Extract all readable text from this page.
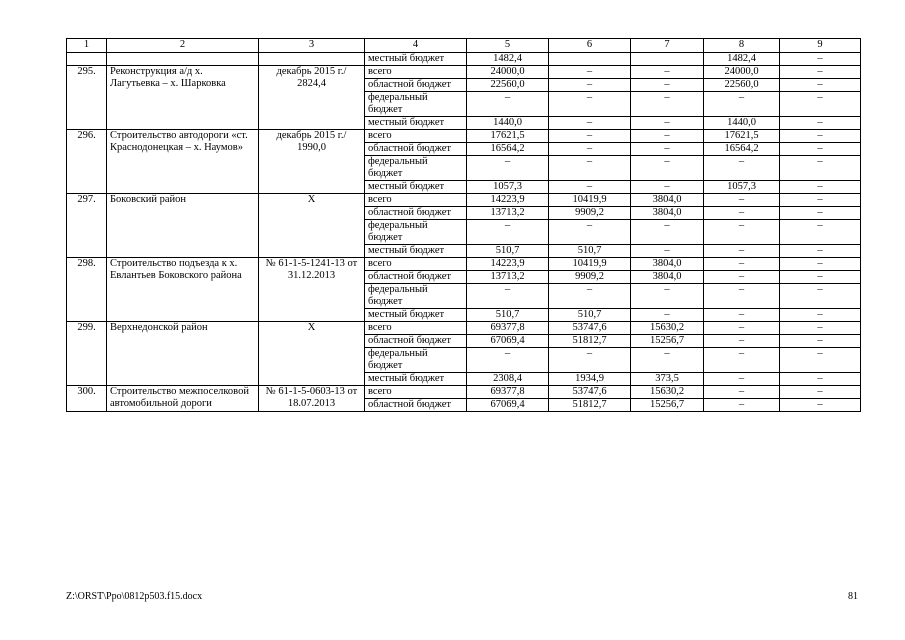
1	2	3	4	5	6	7	8	9
			местный бюджет	1482,4			1482,4	–
295.	Реконструкция а/д х. Лагутьевка – х. Шарковка	декабрь 2015 г./ 2824,4	всего	24000,0	–	–	24000,0	–
			областной бюджет	22560,0	–	–	22560,0	–
			федеральный бюджет	–	–	–	–	–
			местный бюджет	1440,0	–	–	1440,0	–
296.	Строительство автодороги «ст. Краснодонецкая – х. Наумов»	декабрь 2015 г./ 1990,0	всего	17621,5	–	–	17621,5	–
			областной бюджет	16564,2	–	–	16564,2	–
			федеральный бюджет	–	–	–	–	–
			местный бюджет	1057,3	–	–	1057,3	–
297.	Боковский район	Х	всего	14223,9	10419,9	3804,0	–	–
			областной бюджет	13713,2	9909,2	3804,0	–	–
			федеральный бюджет	–	–	–	–	–
			местный бюджет	510,7	510,7	–	–	–
298.	Строительство подъезда к х. Евлантьев Боковского района	№ 61-1-5-1241-13 от 31.12.2013	всего	14223,9	10419,9	3804,0	–	–
			областной бюджет	13713,2	9909,2	3804,0	–	–
			федеральный бюджет	–	–	–	–	–
			местный бюджет	510,7	510,7	–	–	–
299.	Верхнедонской район	Х	всего	69377,8	53747,6	15630,2	–	–
			областной бюджет	67069,4	51812,7	15256,7	–	–
			федеральный бюджет	–	–	–	–	–
			местный бюджет	2308,4	1934,9	373,5	–	–
300.	Строительство межпоселковой автомобильной дороги	№ 61-1-5-0603-13 от 18.07.2013	всего	69377,8	53747,6	15630,2	–	–
			областной бюджет	67069,4	51812,7	15256,7	–	–
Z:\ORST\Ppo\0812p503.f15.docx	81
